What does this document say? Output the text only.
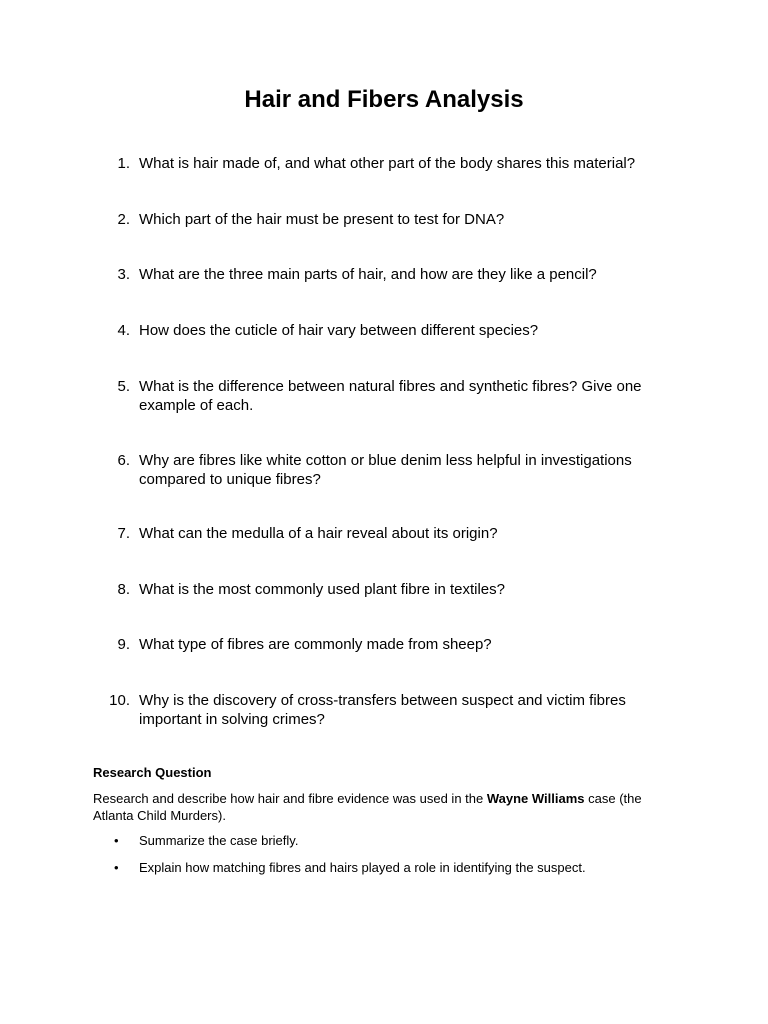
Hair and Fibers Analysis
1. What is hair made of, and what other part of the body shares this material?
2. Which part of the hair must be present to test for DNA?
3. What are the three main parts of hair, and how are they like a pencil?
4. How does the cuticle of hair vary between different species?
5. What is the difference between natural fibres and synthetic fibres? Give one example of each.
6. Why are fibres like white cotton or blue denim less helpful in investigations compared to unique fibres?
7. What can the medulla of a hair reveal about its origin?
8. What is the most commonly used plant fibre in textiles?
9. What type of fibres are commonly made from sheep?
10. Why is the discovery of cross-transfers between suspect and victim fibres important in solving crimes?
Research Question

Research and describe how hair and fibre evidence was used in the Wayne Williams case (the Atlanta Child Murders).

•	Summarize the case briefly.
•	Explain how matching fibres and hairs played a role in identifying the suspect.
